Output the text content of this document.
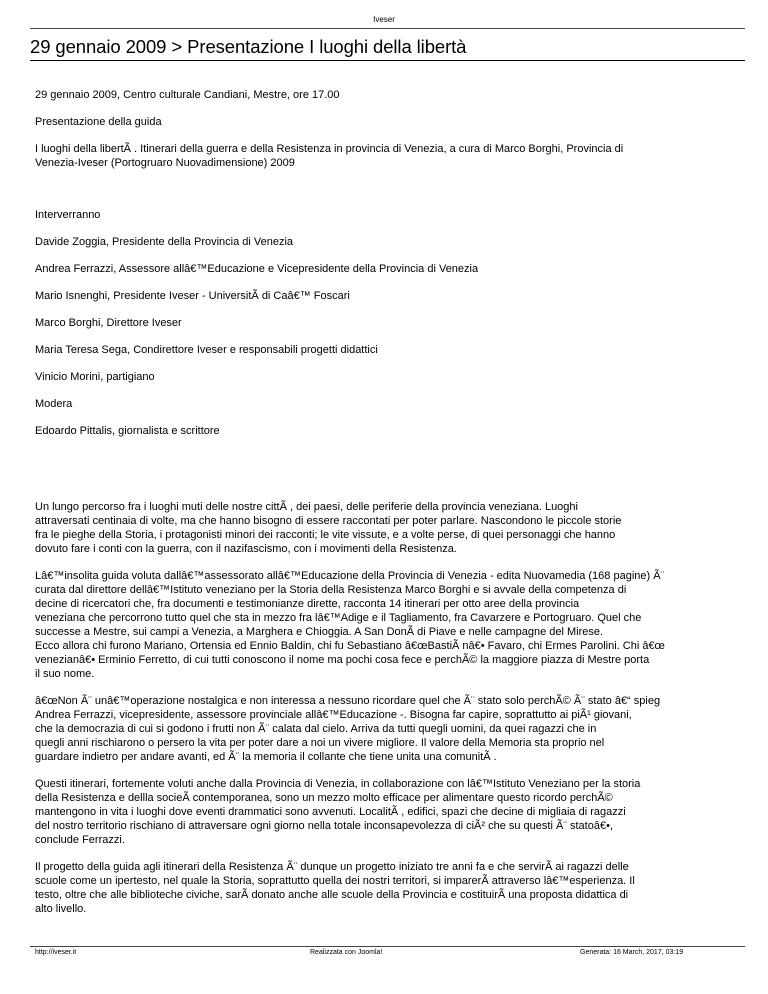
Iveser
29 gennaio 2009 > Presentazione I luoghi della libertà

29 gennaio 2009, Centro culturale Candiani, Mestre, ore 17.00

Presentazione della guida

I luoghi della libertÃ . Itinerari della guerra e della Resistenza in provincia di Venezia, a cura di Marco Borghi, Provincia di
Venezia-Iveser (Portogruaro Nuovadimensione) 2009

Interverranno

Davide Zoggia, Presidente della Provincia di Venezia

Andrea Ferrazzi, Assessore allâ€™Educazione e Vicepresidente della Provincia di Venezia

Mario Isnenghi, Presidente Iveser - UniversitÃ di Caâ€™ Foscari

Marco Borghi, Direttore Iveser

Maria Teresa Sega, Condirettore Iveser e responsabili progetti didattici

Vinicio Morini, partigiano

Modera

Edoardo Pittalis, giornalista e scrittore

Un lungo percorso fra i luoghi muti delle nostre cittÃ , dei paesi, delle periferie della provincia veneziana. Luoghi
attraversati centinaia di volte, ma che hanno bisogno di essere raccontati per poter parlare. Nascondono le piccole storie
fra le pieghe della Storia, i protagonisti minori dei racconti; le vite vissute, e a volte perse, di quei personaggi che hanno
dovuto fare i conti con la guerra, con il nazifascismo, con i movimenti della Resistenza.

Lâ€™insolita guida voluta dallâ€™assessorato allâ€™Educazione della Provincia di Venezia - edita Nuovamedia (168 pagine) Ã¨
curata dal direttore dellâ€™Istituto veneziano per la Storia della Resistenza Marco Borghi e si avvale della competenza di
decine di ricercatori che, fra documenti e testimonianze dirette, racconta 14 itinerari per otto aree della provincia
veneziana che percorrono tutto quel che sta in mezzo fra lâ€™Adige e il Tagliamento, fra Cavarzere e Portogruaro. Quel che
successe a Mestre, sui campi a Venezia, a Marghera e Chioggia. A San DonÃ di Piave e nelle campagne del Mirese.
Ecco allora chi furono Mariano, Ortensia ed Ennio Baldin, chi fu Sebastiano â€œBastiÃ nâ€• Favaro, chi Ermes Parolini. Chi â€œ
venezianâ€• Erminio Ferretto, di cui tutti conoscono il nome ma pochi cosa fece e perchÃ© la maggiore piazza di Mestre porta
il suo nome.

â€œNon Ã¨ unâ€™operazione nostalgica e non interessa a nessuno ricordare quel che Ã¨ stato solo perchÃ© Ã¨ stato â€“ spieg
Andrea Ferrazzi, vicepresidente, assessore provinciale allâ€™Educazione -. Bisogna far capire, soprattutto ai piÃ¹ giovani,
che la democrazia di cui si godono i frutti non Ã¨ calata dal cielo. Arriva da tutti quegli uomini, da quei ragazzi che in
quegli anni rischiarono o persero la vita per poter dare a noi un vivere migliore. Il valore della Memoria sta proprio nel
guardare indietro per andare avanti, ed Ã¨ la memoria il collante che tiene unita una comunitÃ .

Questi itinerari, fortemente voluti anche dalla Provincia di Venezia, in collaborazione con lâ€™Istituto Veneziano per la storia
della Resistenza e dellla socieÃ contemporanea, sono un mezzo molto efficace per alimentare questo ricordo perchÃ©
mantengono in vita i luoghi dove eventi drammatici sono avvenuti. LocalitÃ , edifici, spazi che decine di migliaia di ragazzi
del nostro territorio rischiano di attraversare ogni giorno nella totale inconsapevolezza di ciÃ² che su questi Ã¨ statoâ€•,
conclude Ferrazzi.

Il progetto della guida agli itinerari della Resistenza Ã¨ dunque un progetto iniziato tre anni fa e che servirÃ ai ragazzi delle
scuole come un ipertesto, nel quale la Storia, soprattutto quella dei nostri territori, si imparerÃ attraverso lâ€™esperienza. Il
testo, oltre che alle biblioteche civiche, sarÃ donato anche alle scuole della Provincia e costituirÃ una proposta didattica di
alto livello.

http://iveser.it	Realizzata con Joomla!	Generata: 16 March, 2017, 03:19
